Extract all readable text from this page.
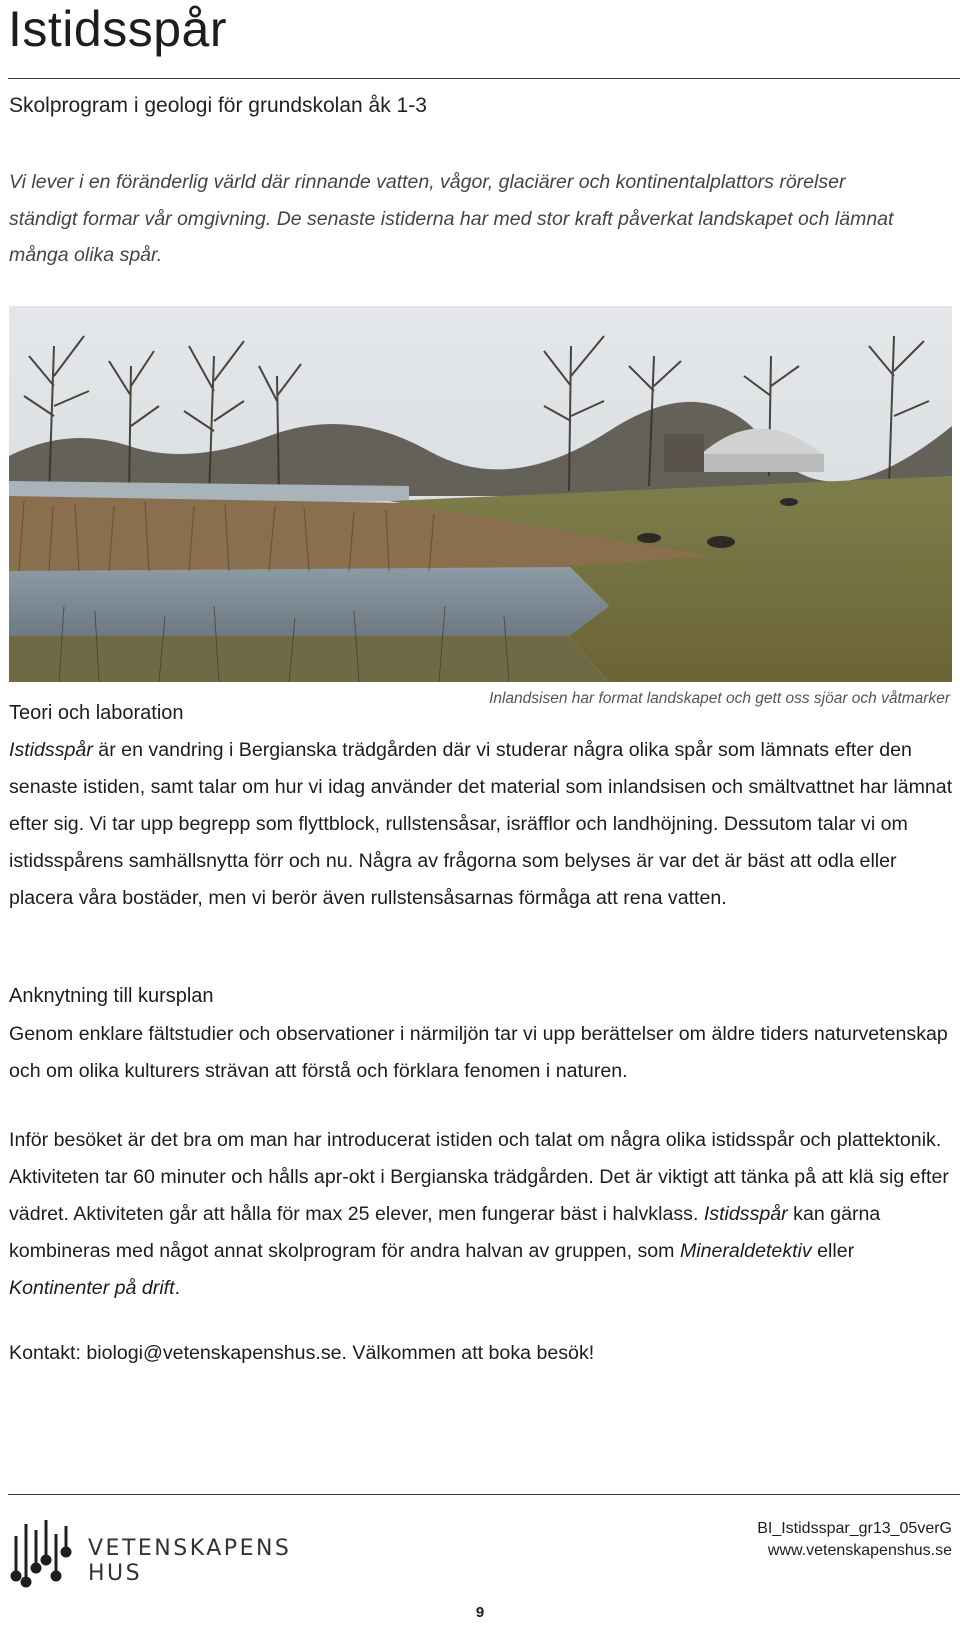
Istidsspår
Skolprogram i geologi för grundskolan åk 1-3
Vi lever i en föränderlig värld där rinnande vatten, vågor, glaciärer och kontinentalplattors rörelser ständigt formar vår omgivning. De senaste istiderna har med stor kraft påverkat landskapet och lämnat många olika spår.
Inlandsisen har format landskapet och gett oss sjöar och våtmarker
Teori och laboration

Istidsspår är en vandring i Bergianska trädgården där vi studerar några olika spår som lämnats efter den senaste istiden, samt talar om hur vi idag använder det material som inlandsisen och smältvattnet har lämnat efter sig. Vi tar upp begrepp som flyttblock, rullstensåsar, isräfflor och landhöjning. Dessutom talar vi om istidsspårens samhällsnytta förr och nu. Några av frågorna som belyses är var det är bäst att odla eller placera våra bostäder, men vi berör även rullstensåsarnas förmåga att rena vatten.

Anknytning till kursplan

Genom enklare fältstudier och observationer i närmiljön tar vi upp berättelser om äldre tiders naturvetenskap och om olika kulturers strävan att förstå och förklara fenomen i naturen.

Inför besöket är det bra om man har introducerat istiden och talat om några olika istidsspår och plattektonik. Aktiviteten tar 60 minuter och hålls apr-okt i Bergianska trädgården. Det är viktigt att tänka på att klä sig efter vädret. Aktiviteten går att hålla för max 25 elever, men fungerar bäst i halvklass. Istidsspår kan gärna kombineras med något annat skolprogram för andra halvan av gruppen, som Mineraldetektiv eller Kontinenter på drift.

Kontakt: biologi@vetenskapenshus.se. Välkommen att boka besök!

VETENSKAPENS HUS
BI_Istidsspar_gr13_05verG
www.vetenskapenshus.se
9
